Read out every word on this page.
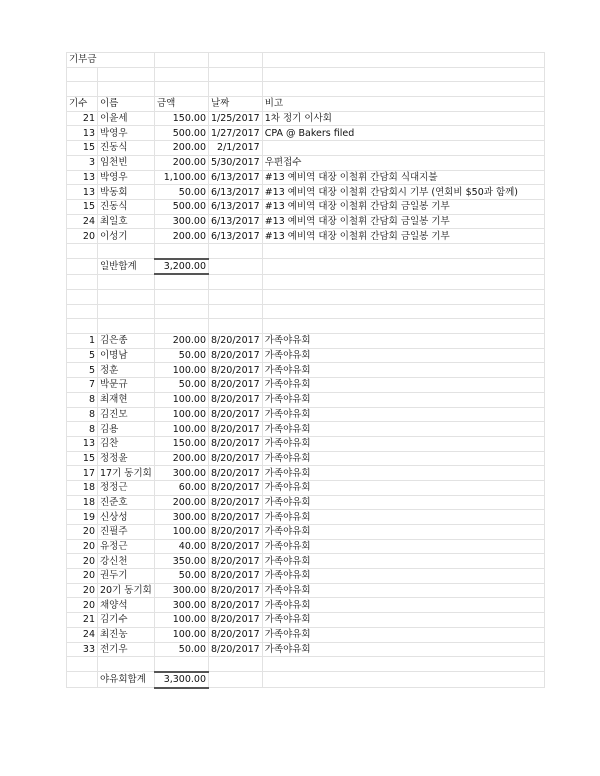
기부금				

기수	이름	금액	날짜	비고
21	이윤세	150.00	1/25/2017	1차 정기 이사회
13	박영우	500.00	1/27/2017	CPA @ Bakers filed
15	진동식	200.00	2/1/2017	
3	임천빈	200.00	5/30/2017	우편접수
13	박영우	1,100.00	6/13/2017	#13 예비역 대장 이철휘 간담회 식대지불
13	박동회	50.00	6/13/2017	#13 예비역 대장 이철휘 간담회시 기부 (연회비 $50과 함께)
15	진동식	500.00	6/13/2017	#13 예비역 대장 이철휘 간담회 금일봉 기부
24	최일호	300.00	6/13/2017	#13 예비역 대장 이철휘 간담회 금일봉 기부
20	이성기	200.00	6/13/2017	#13 예비역 대장 이철휘 간담회 금일봉 기부

	일반합계	3,200.00		

1	김은종	200.00	8/20/2017	가족야유회
5	이명남	50.00	8/20/2017	가족야유회
5	정훈	100.00	8/20/2017	가족야유회
7	박문규	50.00	8/20/2017	가족야유회
8	최재현	100.00	8/20/2017	가족야유회
8	김진모	100.00	8/20/2017	가족야유회
8	김용	100.00	8/20/2017	가족야유회
13	김찬	150.00	8/20/2017	가족야유회
15	정정윤	200.00	8/20/2017	가족야유회
17	17기 동기회	300.00	8/20/2017	가족야유회
18	정정근	60.00	8/20/2017	가족야유회
18	진준호	200.00	8/20/2017	가족야유회
19	신상성	300.00	8/20/2017	가족야유회
20	진필주	100.00	8/20/2017	가족야유회
20	유정근	40.00	8/20/2017	가족야유회
20	강신천	350.00	8/20/2017	가족야유회
20	권두기	50.00	8/20/2017	가족야유회
20	20기 동기회	300.00	8/20/2017	가족야유회
20	채양석	300.00	8/20/2017	가족야유회
21	김기수	100.00	8/20/2017	가족야유회
24	최진농	100.00	8/20/2017	가족야유회
33	전기우	50.00	8/20/2017	가족야유회

	야유회합계	3,300.00		
